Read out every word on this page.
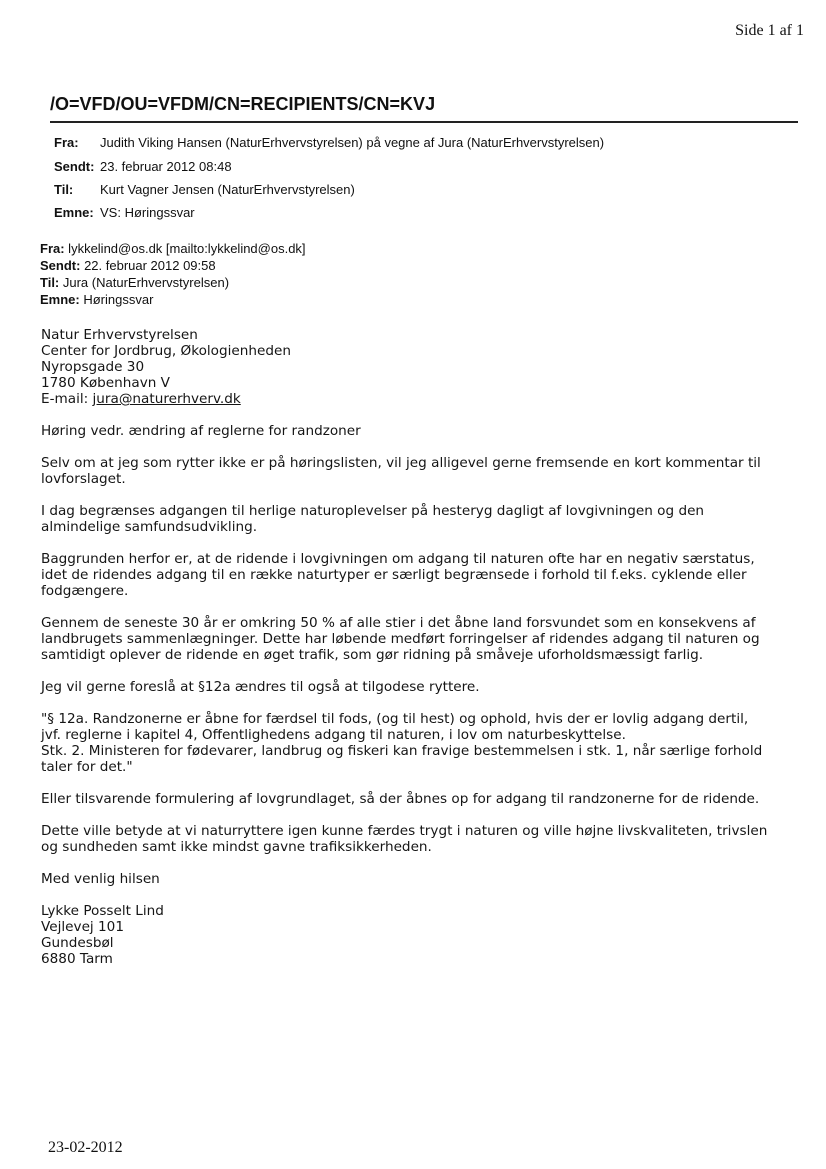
Side 1 af 1
/O=VFD/OU=VFDM/CN=RECIPIENTS/CN=KVJ
Fra: Judith Viking Hansen (NaturErhvervstyrelsen) på vegne af Jura (NaturErhvervstyrelsen)
Sendt: 23. februar 2012 08:48
Til: Kurt Vagner Jensen (NaturErhvervstyrelsen)
Emne: VS: Høringssvar
Fra: lykkelind@os.dk [mailto:lykkelind@os.dk]
Sendt: 22. februar 2012 09:58
Til: Jura (NaturErhvervstyrelsen)
Emne: Høringssvar

Natur Erhvervstyrelsen

Center for Jordbrug, Økologienheden

Nyropsgade 30

1780 København V

E-mail: jura@naturerhverv.dk

Høring vedr. ændring af reglerne for randzoner

Selv om at jeg som rytter ikke er på høringslisten, vil jeg alligevel gerne fremsende en kort kommentar til

lovforslaget.

I dag begrænses adgangen til herlige naturoplevelser på hesteryg dagligt af lovgivningen og den

almindelige samfundsudvikling.

Baggrunden herfor er, at de ridende i lovgivningen om adgang til naturen ofte har en negativ særstatus,

idet de ridendes adgang til en række naturtyper er særligt begrænsede i forhold til f.eks. cyklende eller

fodgængere.

Gennem de seneste 30 år er omkring 50 % af alle stier i det åbne land forsvundet som en konsekvens af

landbrugets sammenlægninger. Dette har løbende medført forringelser af ridendes adgang til naturen og

samtidigt oplever de ridende en øget trafik, som gør ridning på småveje uforholdsmæssigt farlig.

Jeg vil gerne foreslå at §12a ændres til også at tilgodese ryttere.

"§ 12a. Randzonerne er åbne for færdsel til fods, (og til hest) og ophold, hvis der er lovlig adgang dertil,

jvf. reglerne i kapitel 4, Offentlighedens adgang til naturen, i lov om naturbeskyttelse.

Stk. 2. Ministeren for fødevarer, landbrug og fiskeri kan fravige bestemmelsen i stk. 1, når særlige forhold

taler for det."

Eller tilsvarende formulering af lovgrundlaget, så der åbnes op for adgang til randzonerne for de ridende.

Dette ville betyde at vi naturryttere igen kunne færdes trygt i naturen og ville højne livskvaliteten, trivslen

og sundheden samt ikke mindst gavne trafiksikkerheden.

Med venlig hilsen

Lykke Posselt Lind

Vejlevej 101

Gundesbøl

6880 Tarm

23-02-2012
